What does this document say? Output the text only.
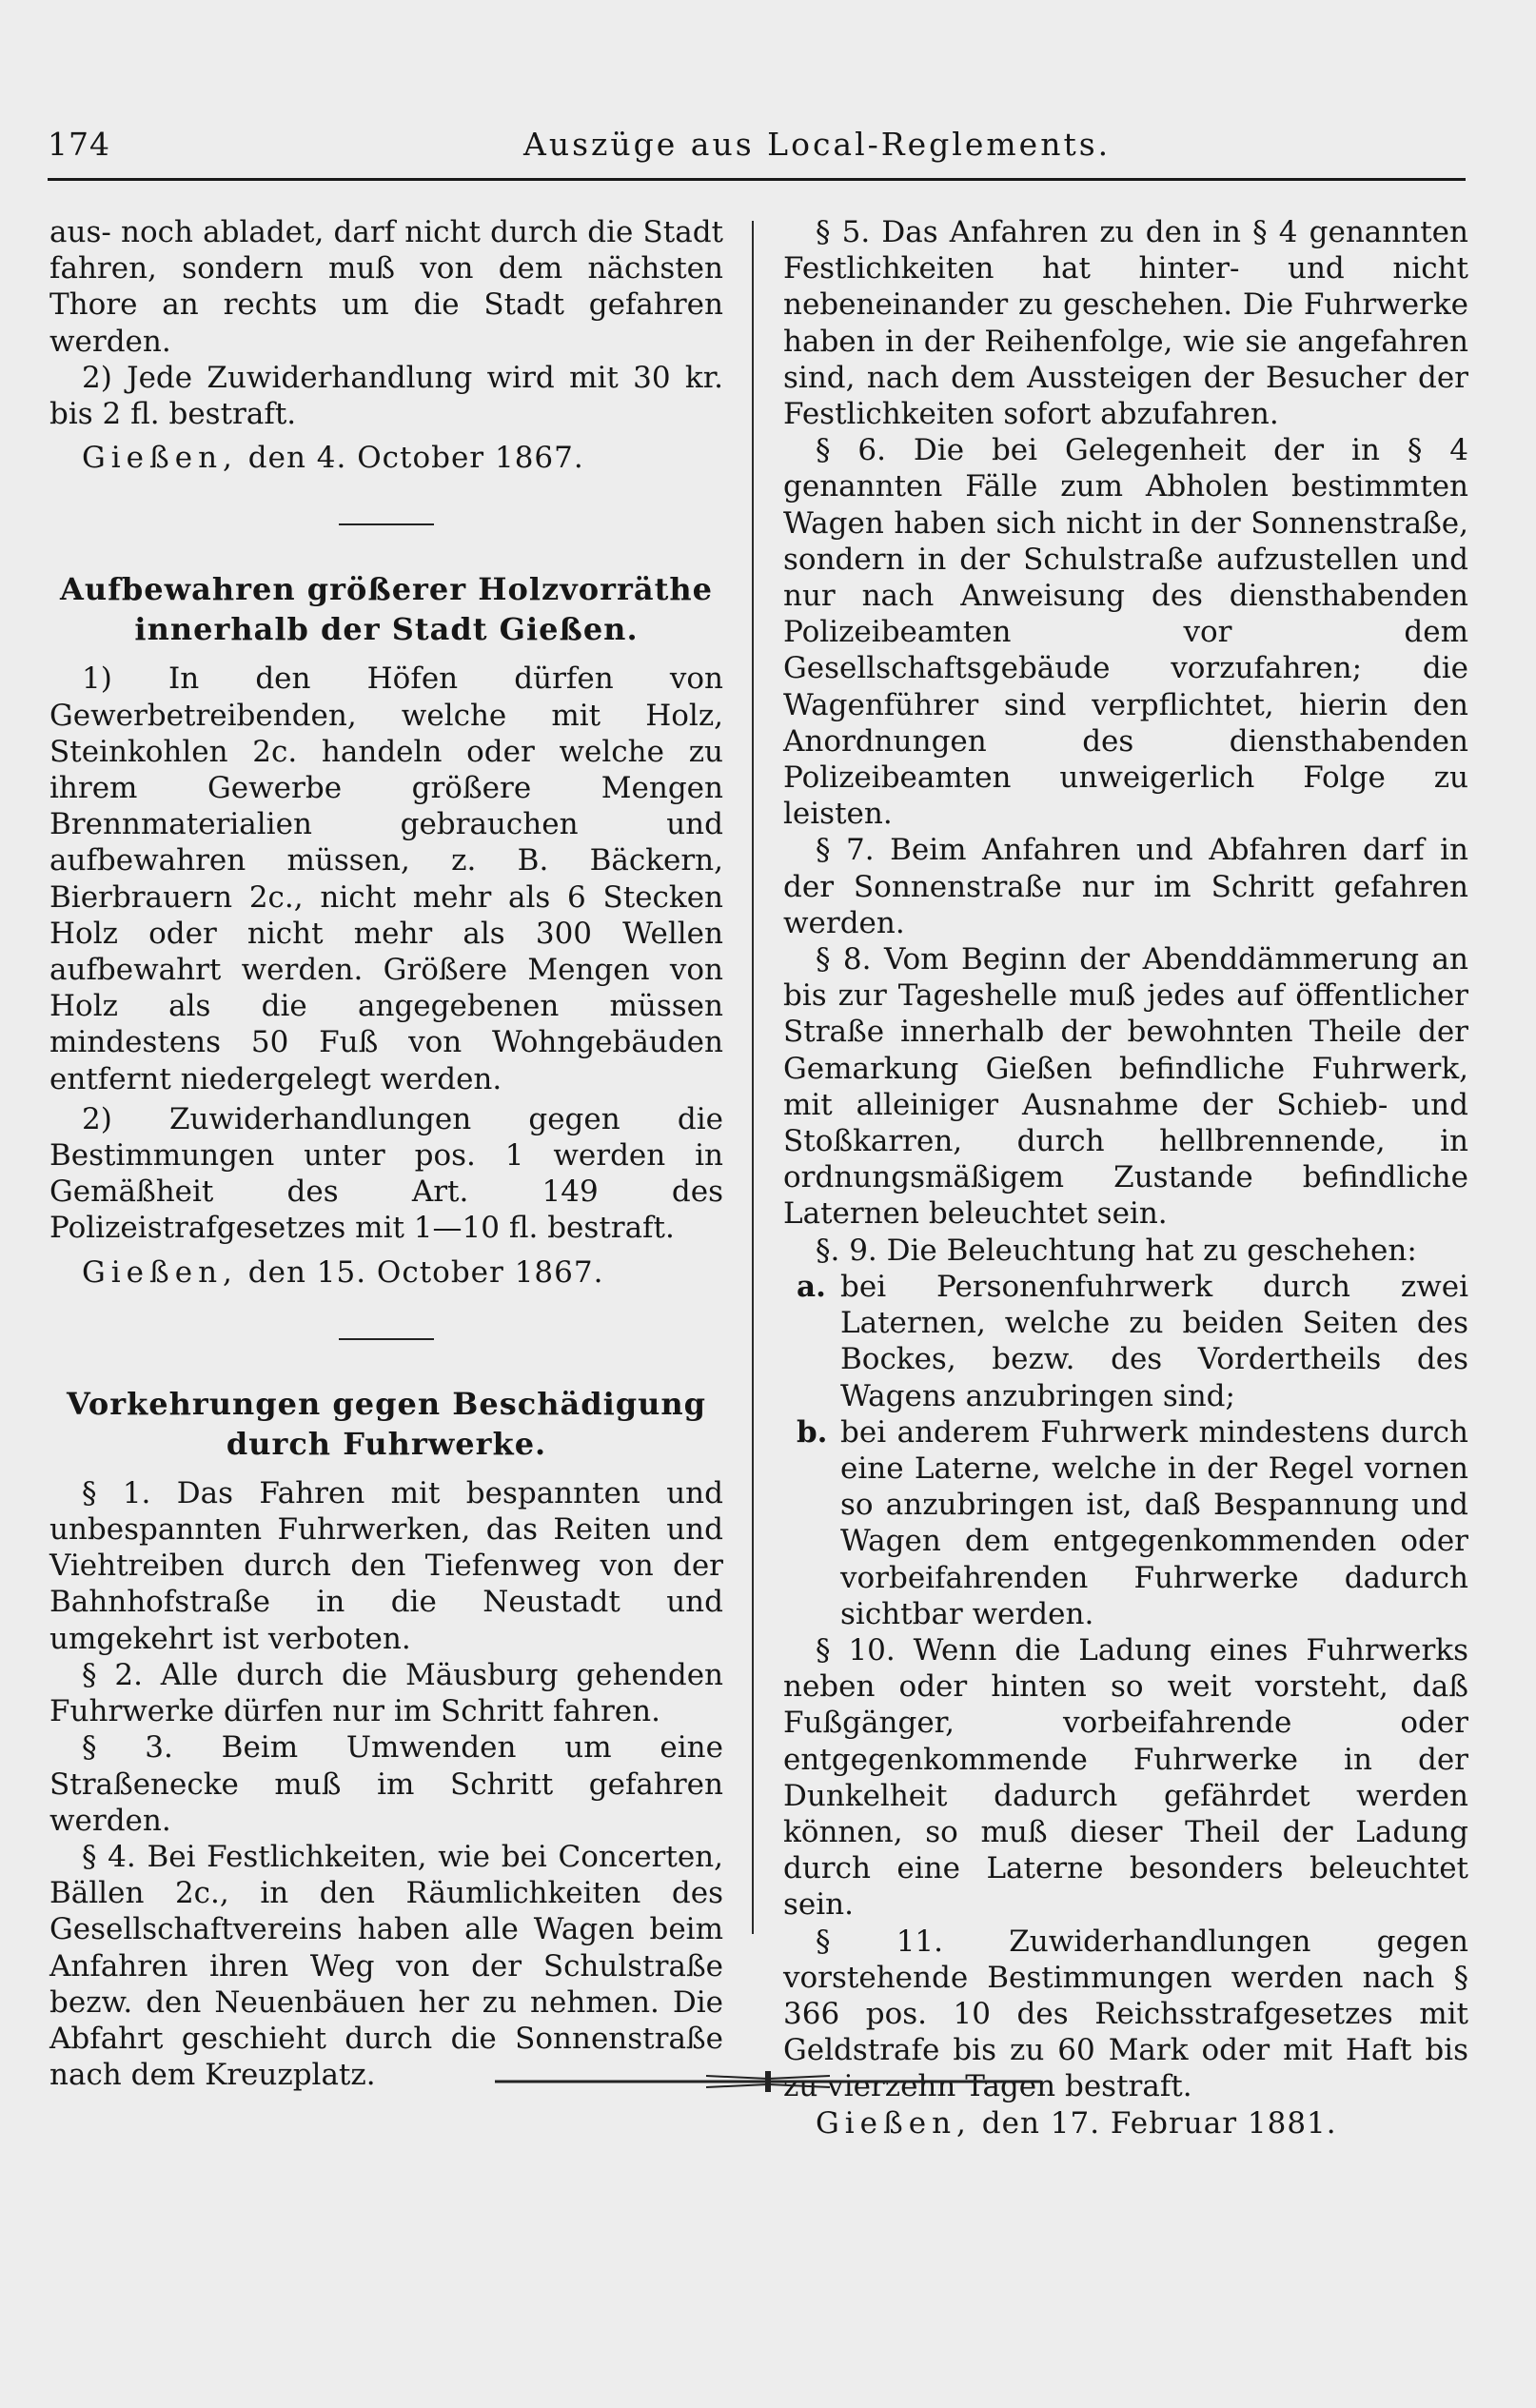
174	Auszüge aus Local-Reglements.

aus- noch abladet, darf nicht durch die Stadt fahren, sondern muß von dem nächsten Thore an rechts um die Stadt gefahren werden.

2) Jede Zuwiderhandlung wird mit 30 kr. bis 2 fl. bestraft.

Gießen, den 4. October 1867.

Aufbewahren größerer Holzvorräthe innerhalb der Stadt Gießen.

1) In den Höfen dürfen von Gewerbetreibenden, welche mit Holz, Steinkohlen 2c. handeln oder welche zu ihrem Gewerbe größere Mengen Brennmaterialien gebrauchen und aufbewahren müssen, z. B. Bäckern, Bierbrauern 2c., nicht mehr als 6 Stecken Holz oder nicht mehr als 300 Wellen aufbewahrt werden. Größere Mengen von Holz als die angegebenen müssen mindestens 50 Fuß von Wohngebäuden entfernt niedergelegt werden.

2) Zuwiderhandlungen gegen die Bestimmungen unter pos. 1 werden in Gemäßheit des Art. 149 des Polizeistrafgesetzes mit 1—10 fl. bestraft.

Gießen, den 15. October 1867.

Vorkehrungen gegen Beschädigung durch Fuhrwerke.

§ 1. Das Fahren mit bespannten und unbespannten Fuhrwerken, das Reiten und Viehtreiben durch den Tiefenweg von der Bahnhofstraße in die Neustadt und umgekehrt ist verboten.

§ 2. Alle durch die Mäusburg gehenden Fuhrwerke dürfen nur im Schritt fahren.

§ 3. Beim Umwenden um eine Straßenecke muß im Schritt gefahren werden.

§ 4. Bei Festlichkeiten, wie bei Concerten, Bällen 2c., in den Räumlichkeiten des Gesellschaftvereins haben alle Wagen beim Anfahren ihren Weg von der Schulstraße bezw. den Neuenbäuen her zu nehmen. Die Abfahrt geschieht durch die Sonnenstraße nach dem Kreuzplatz.

§ 5. Das Anfahren zu den in § 4 genannten Festlichkeiten hat hinter- und nicht nebeneinander zu geschehen. Die Fuhrwerke haben in der Reihenfolge, wie sie angefahren sind, nach dem Aussteigen der Besucher der Festlichkeiten sofort abzufahren.

§ 6. Die bei Gelegenheit der in § 4 genannten Fälle zum Abholen bestimmten Wagen haben sich nicht in der Sonnenstraße, sondern in der Schulstraße aufzustellen und nur nach Anweisung des diensthabenden Polizeibeamten vor dem Gesellschaftsgebäude vorzufahren; die Wagenführer sind verpflichtet, hierin den Anordnungen des diensthabenden Polizeibeamten unweigerlich Folge zu leisten.

§ 7. Beim Anfahren und Abfahren darf in der Sonnenstraße nur im Schritt gefahren werden.

§ 8. Vom Beginn der Abenddämmerung an bis zur Tageshelle muß jedes auf öffentlicher Straße innerhalb der bewohnten Theile der Gemarkung Gießen befindliche Fuhrwerk, mit alleiniger Ausnahme der Schieb- und Stoßkarren, durch hellbrennende, in ordnungsmäßigem Zustande befindliche Laternen beleuchtet sein.

§. 9. Die Beleuchtung hat zu geschehen:

a. bei Personenfuhrwerk durch zwei Laternen, welche zu beiden Seiten des Bockes, bezw. des Vordertheils des Wagens anzubringen sind;

b. bei anderem Fuhrwerk mindestens durch eine Laterne, welche in der Regel vornen so anzubringen ist, daß Bespannung und Wagen dem entgegenkommenden oder vorbeifahrenden Fuhrwerke dadurch sichtbar werden.

§ 10. Wenn die Ladung eines Fuhrwerks neben oder hinten so weit vorsteht, daß Fußgänger, vorbeifahrende oder entgegenkommende Fuhrwerke in der Dunkelheit dadurch gefährdet werden können, so muß dieser Theil der Ladung durch eine Laterne besonders beleuchtet sein.

§ 11. Zuwiderhandlungen gegen vorstehende Bestimmungen werden nach § 366 pos. 10 des Reichsstrafgesetzes mit Geldstrafe bis zu 60 Mark oder mit Haft bis zu vierzehn Tagen bestraft.

Gießen, den 17. Februar 1881.
